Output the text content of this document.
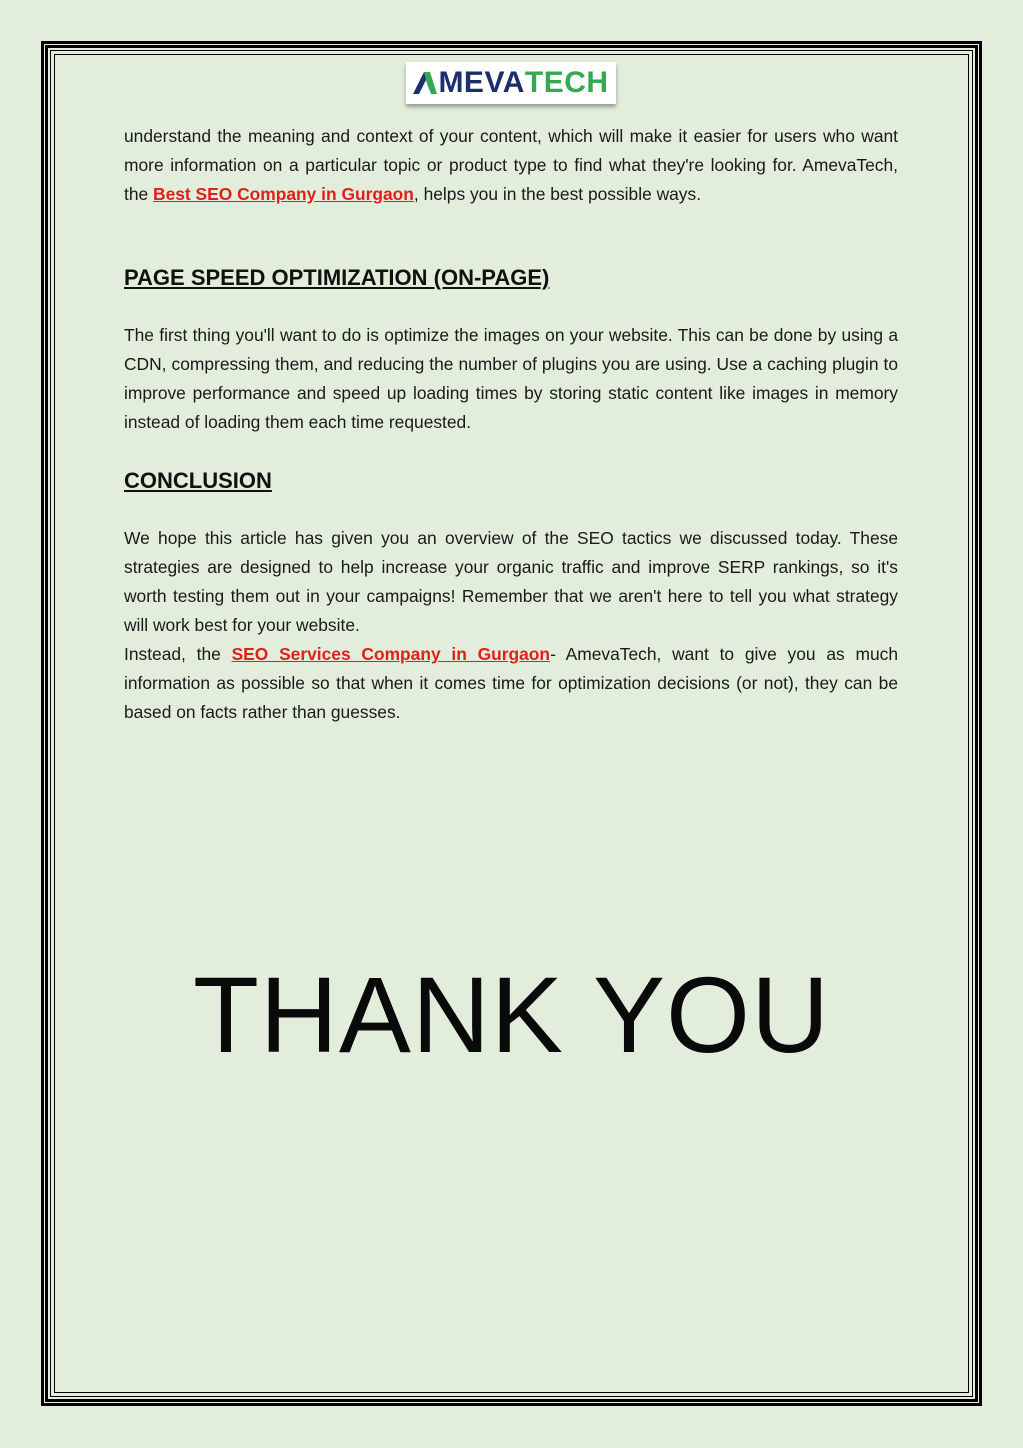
MEVA TECH

understand the meaning and context of your content, which will make it easier for users who want more information on a particular topic or product type to find what they're looking for. AmevaTech, the Best SEO Company in Gurgaon, helps you in the best possible ways.

PAGE SPEED OPTIMIZATION (ON-PAGE)

The first thing you'll want to do is optimize the images on your website. This can be done by using a CDN, compressing them, and reducing the number of plugins you are using. Use a caching plugin to improve performance and speed up loading times by storing static content like images in memory instead of loading them each time requested.

CONCLUSION

We hope this article has given you an overview of the SEO tactics we discussed today. These strategies are designed to help increase your organic traffic and improve SERP rankings, so it's worth testing them out in your campaigns! Remember that we aren't here to tell you what strategy will work best for your website.

Instead, the SEO Services Company in Gurgaon- AmevaTech, want to give you as much information as possible so that when it comes time for optimization decisions (or not), they can be based on facts rather than guesses.

THANK YOU
